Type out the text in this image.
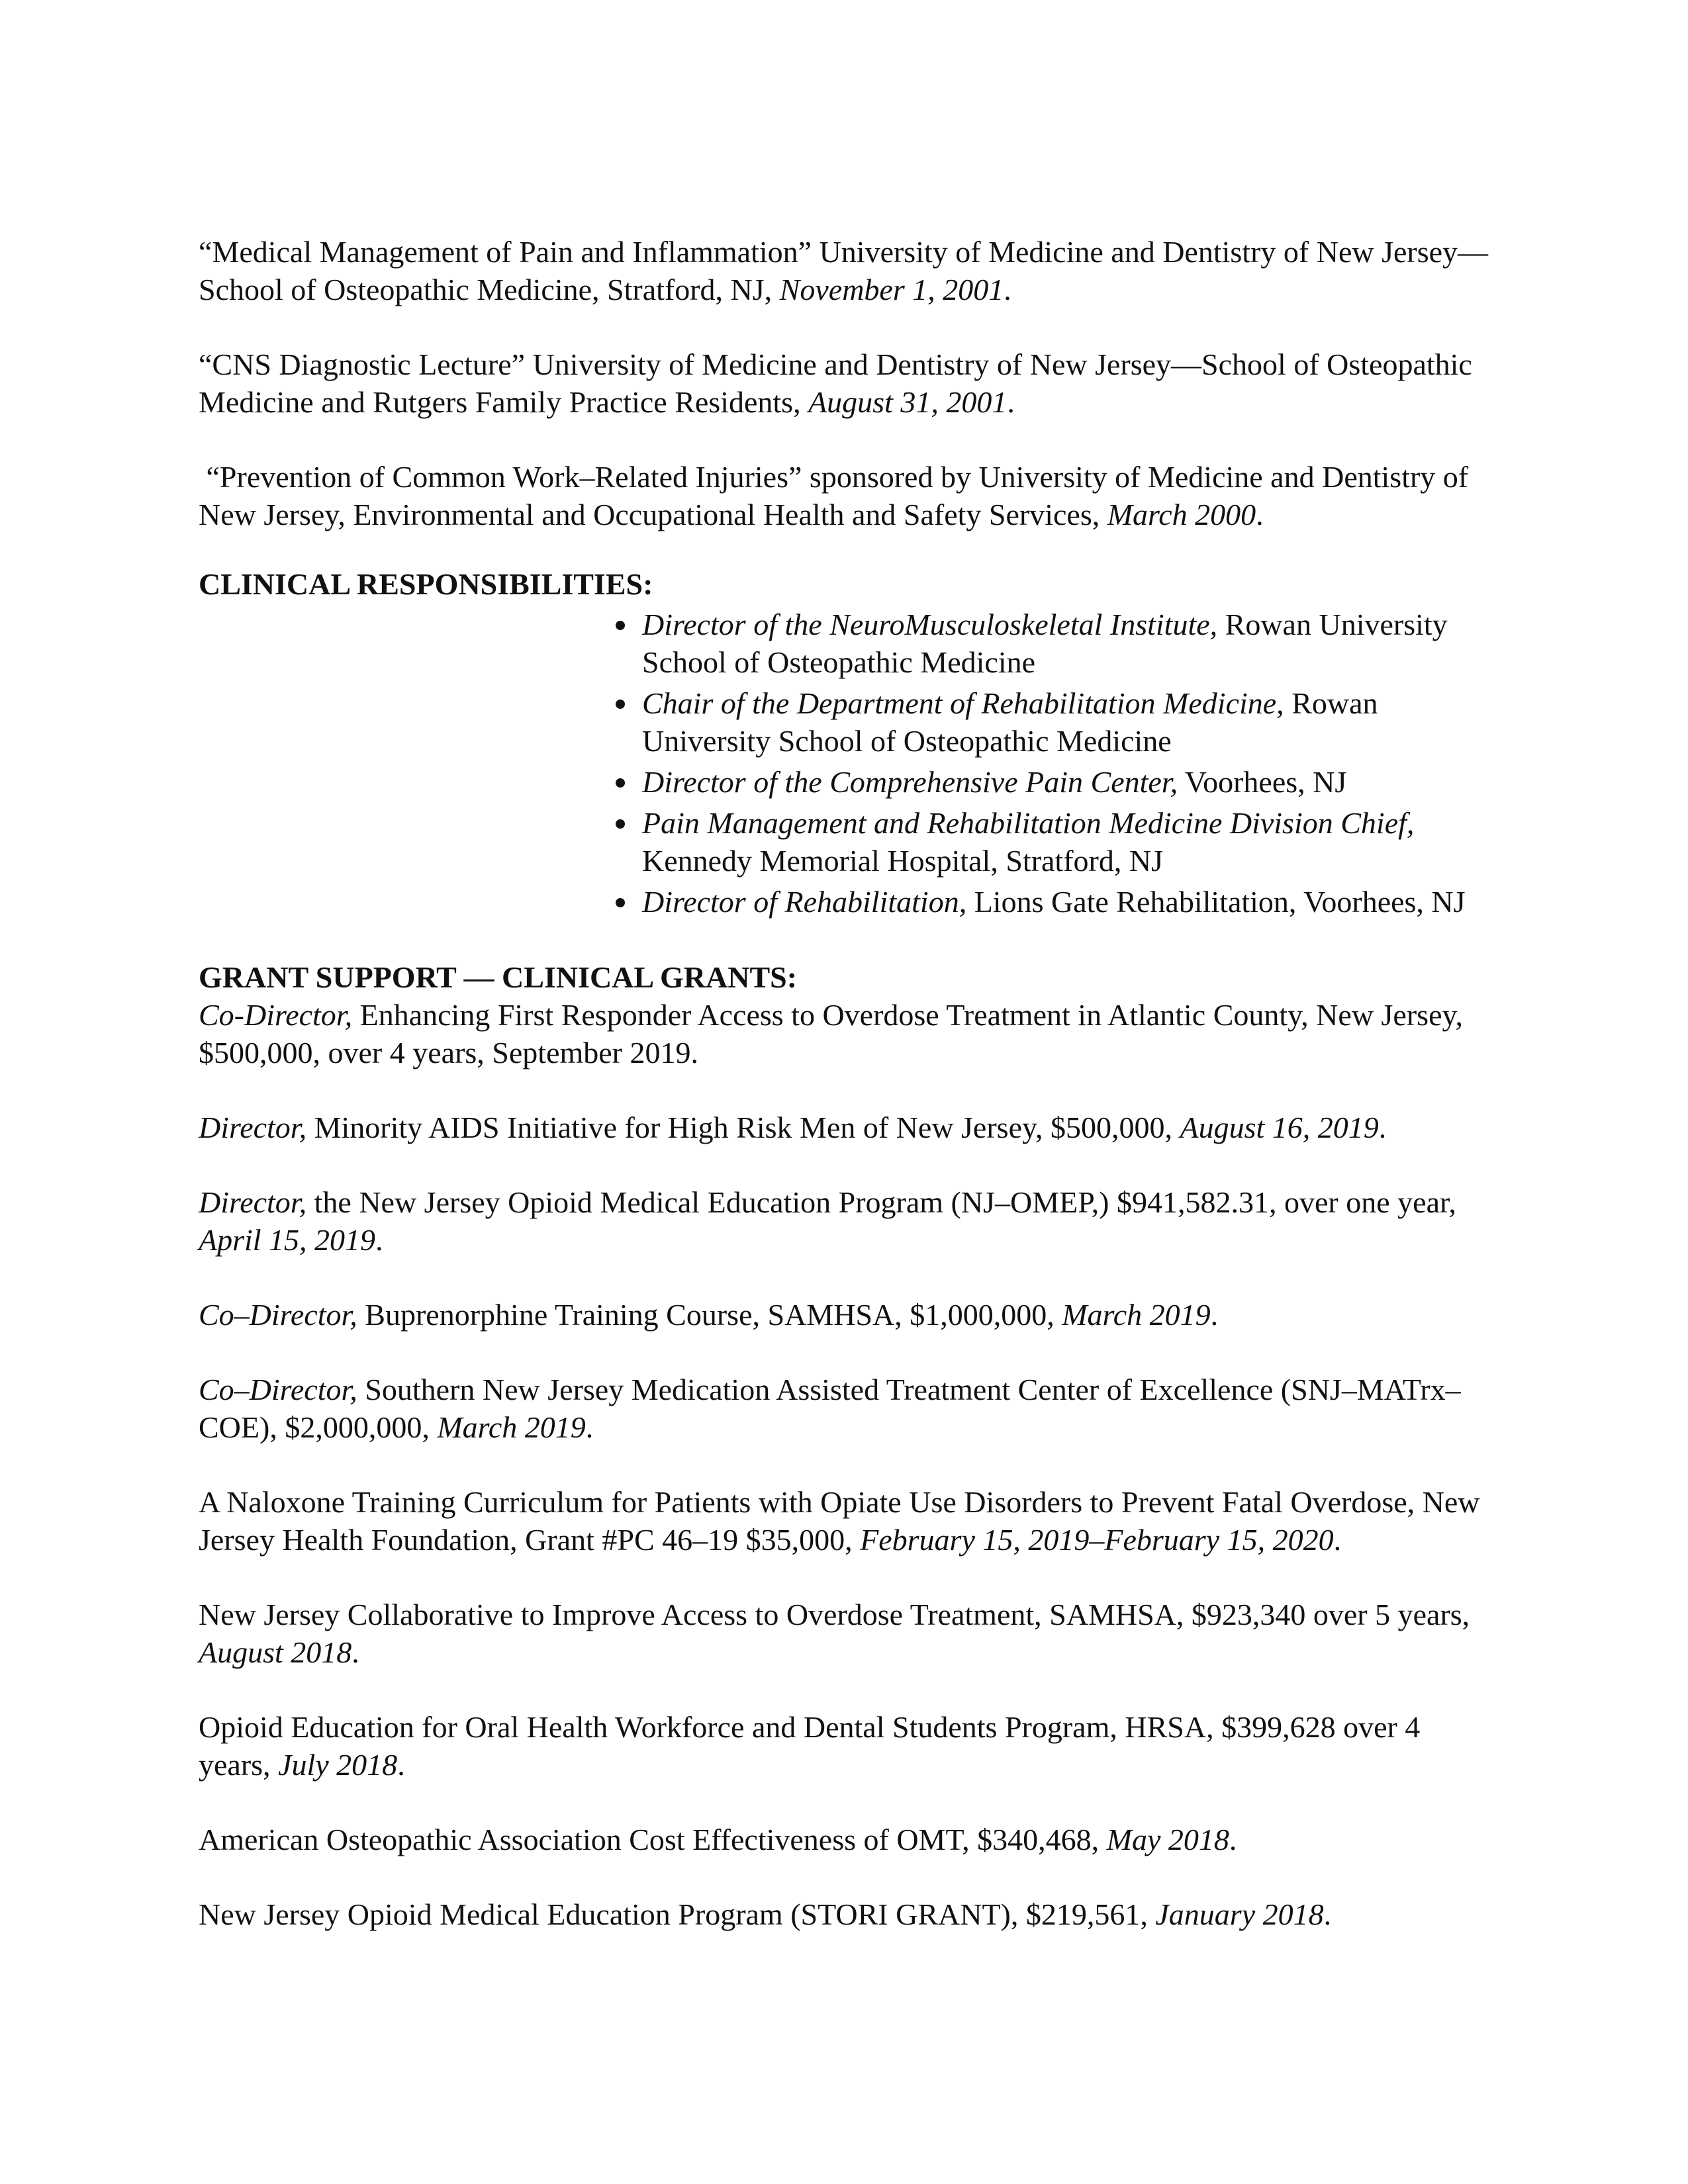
“Medical Management of Pain and Inflammation” University of Medicine and Dentistry of New Jersey—School of Osteopathic Medicine, Stratford, NJ, November 1, 2001.

“CNS Diagnostic Lecture” University of Medicine and Dentistry of New Jersey—School of Osteopathic Medicine and Rutgers Family Practice Residents, August 31, 2001.

“Prevention of Common Work–Related Injuries” sponsored by University of Medicine and Dentistry of New Jersey, Environmental and Occupational Health and Safety Services, March 2000.

CLINICAL RESPONSIBILITIES:

Director of the NeuroMusculoskeletal Institute, Rowan University School of Osteopathic Medicine
Chair of the Department of Rehabilitation Medicine, Rowan University School of Osteopathic Medicine
Director of the Comprehensive Pain Center, Voorhees, NJ
Pain Management and Rehabilitation Medicine Division Chief, Kennedy Memorial Hospital, Stratford, NJ
Director of Rehabilitation, Lions Gate Rehabilitation, Voorhees, NJ

GRANT SUPPORT — CLINICAL GRANTS:

Co-Director, Enhancing First Responder Access to Overdose Treatment in Atlantic County, New Jersey, $500,000, over 4 years, September 2019.

Director, Minority AIDS Initiative for High Risk Men of New Jersey, $500,000, August 16, 2019.

Director, the New Jersey Opioid Medical Education Program (NJ–OMEP,) $941,582.31, over one year, April 15, 2019.

Co–Director, Buprenorphine Training Course, SAMHSA, $1,000,000, March 2019.

Co–Director, Southern New Jersey Medication Assisted Treatment Center of Excellence (SNJ–MATrx–COE), $2,000,000, March 2019.

A Naloxone Training Curriculum for Patients with Opiate Use Disorders to Prevent Fatal Overdose, New Jersey Health Foundation, Grant #PC 46–19 $35,000, February 15, 2019–February 15, 2020.

New Jersey Collaborative to Improve Access to Overdose Treatment, SAMHSA, $923,340 over 5 years, August 2018.

Opioid Education for Oral Health Workforce and Dental Students Program, HRSA, $399,628 over 4 years, July 2018.

American Osteopathic Association Cost Effectiveness of OMT, $340,468, May 2018.

New Jersey Opioid Medical Education Program (STORI GRANT), $219,561, January 2018.
